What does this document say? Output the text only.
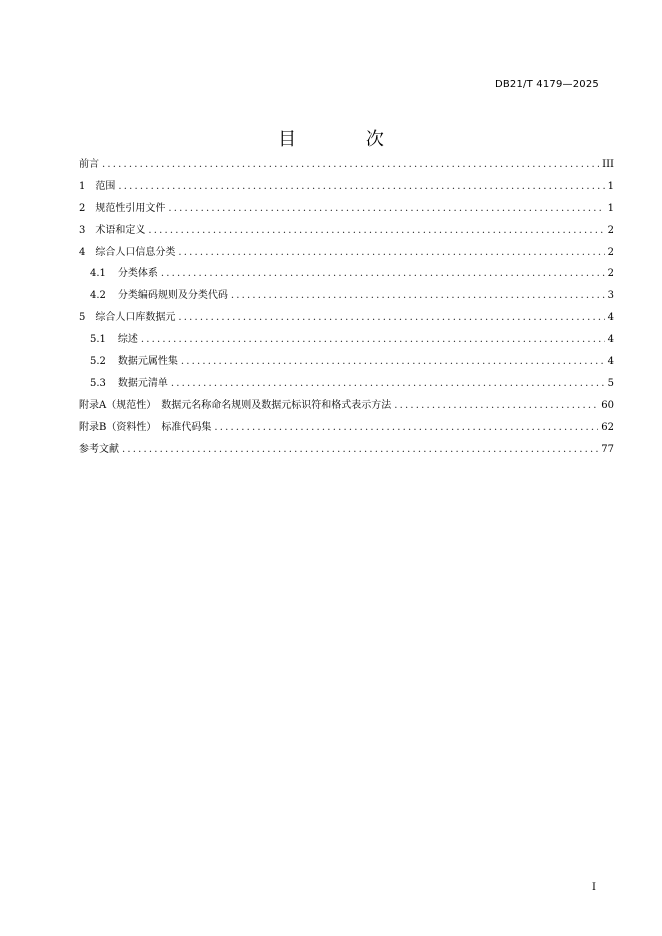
DB21/T 4179—2025
目 次
前言 .....	III
1 范围 .....	1
2 规范性引用文件 .....	1
3 术语和定义 .....	2
4 综合人口信息分类 .....	2
4.1 分类体系 .....	2
4.2 分类编码规则及分类代码 .....	3
5 综合人口库数据元 .....	4
5.1 综述 .....	4
5.2 数据元属性集 .....	4
5.3 数据元清单 .....	5
附录A（规范性）　数据元名称命名规则及数据元标识符和格式表示方法 .....	60
附录B（资料性）　标准代码集 .....	62
参考文献 .....	77
I
